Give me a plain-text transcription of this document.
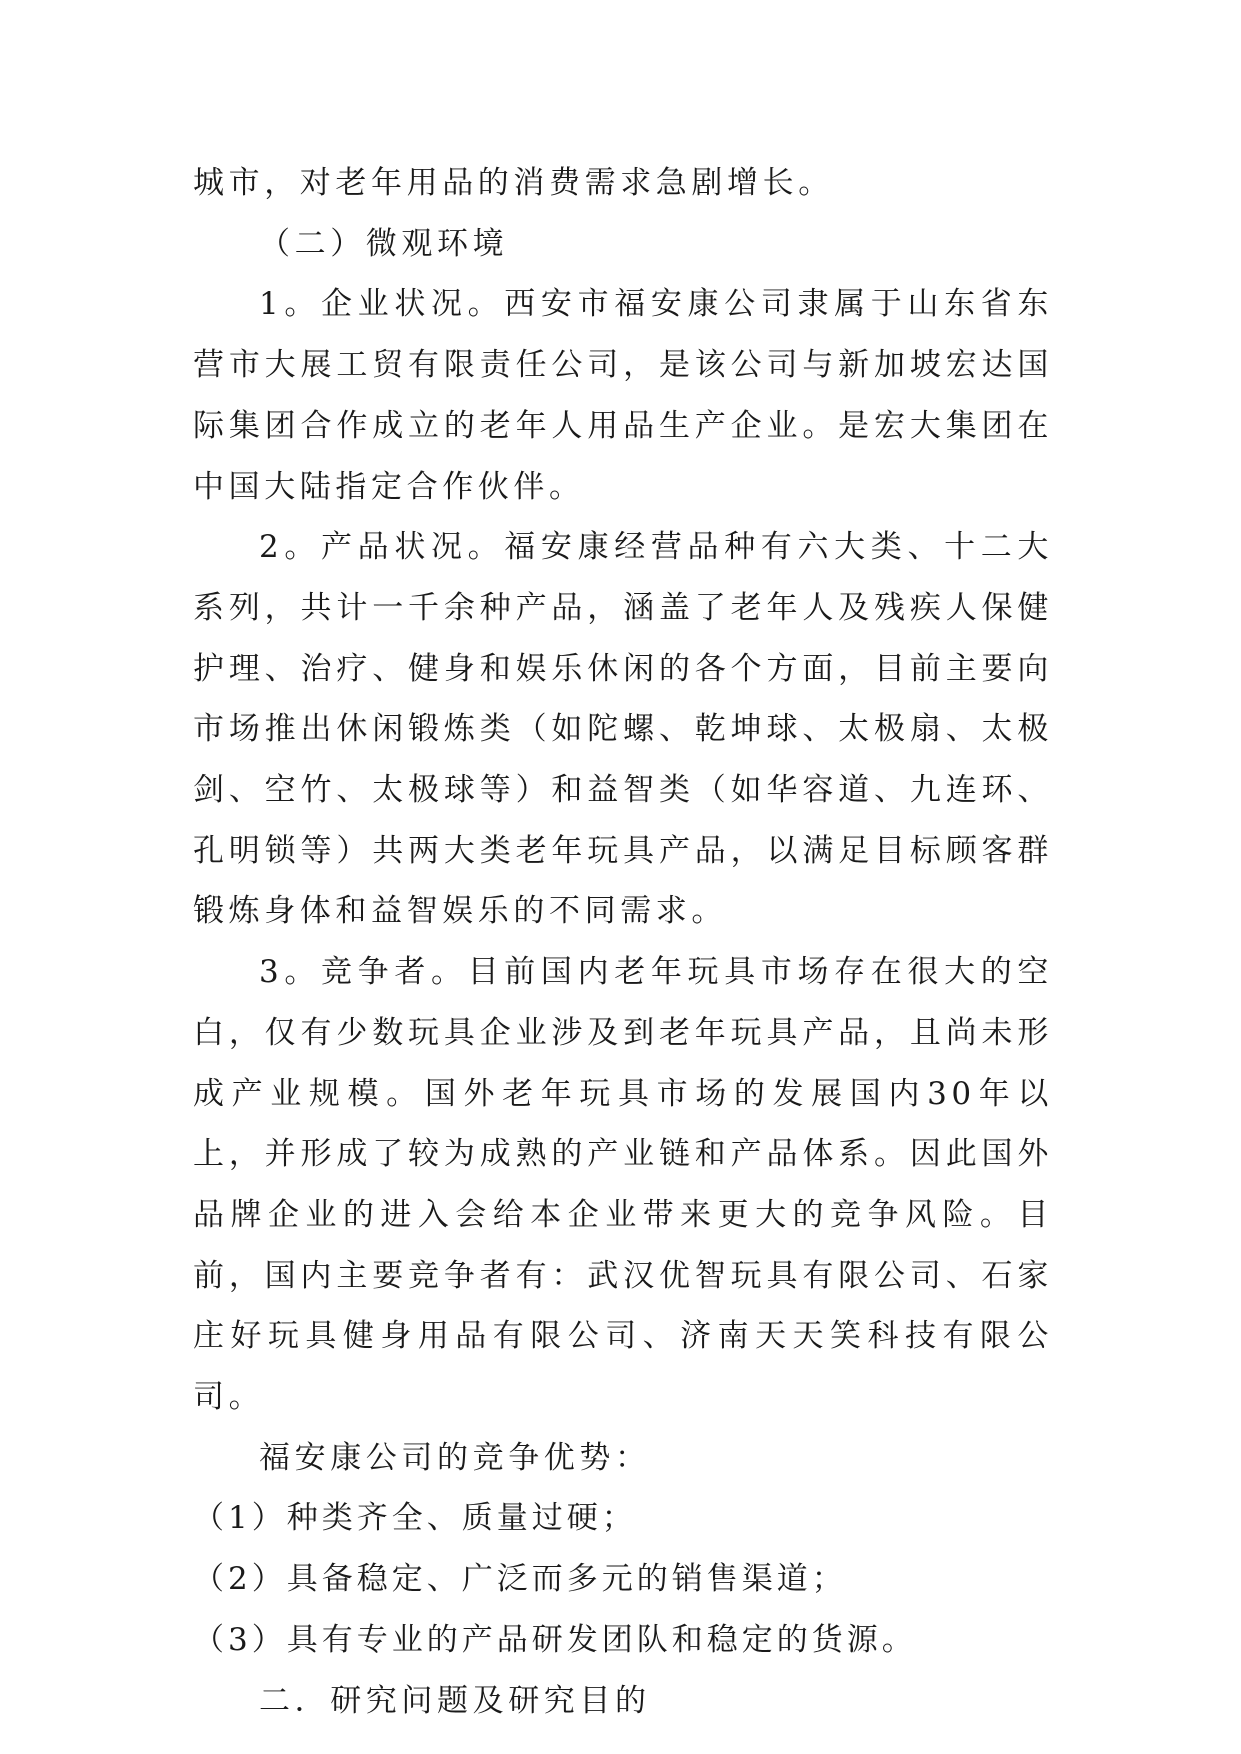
城市，对老年用品的消费需求急剧增长。

（二）微观环境

1。企业状况。西安市福安康公司隶属于山东省东营市大展工贸有限责任公司，是该公司与新加坡宏达国际集团合作成立的老年人用品生产企业。是宏大集团在中国大陆指定合作伙伴。

2。产品状况。福安康经营品种有六大类、十二大系列，共计一千余种产品，涵盖了老年人及残疾人保健护理、治疗、健身和娱乐休闲的各个方面，目前主要向市场推出休闲锻炼类（如陀螺、乾坤球、太极扇、太极剑、空竹、太极球等）和益智类（如华容道、九连环、孔明锁等）共两大类老年玩具产品，以满足目标顾客群锻炼身体和益智娱乐的不同需求。

3。竞争者。目前国内老年玩具市场存在很大的空白，仅有少数玩具企业涉及到老年玩具产品，且尚未形成产业规模。国外老年玩具市场的发展国内30年以上，并形成了较为成熟的产业链和产品体系。因此国外品牌企业的进入会给本企业带来更大的竞争风险。目前，国内主要竞争者有：武汉优智玩具有限公司、石家庄好玩具健身用品有限公司、济南天天笑科技有限公司。

福安康公司的竞争优势：

（1）种类齐全、质量过硬；

（2）具备稳定、广泛而多元的销售渠道；

（3）具有专业的产品研发团队和稳定的货源。

二．研究问题及研究目的
